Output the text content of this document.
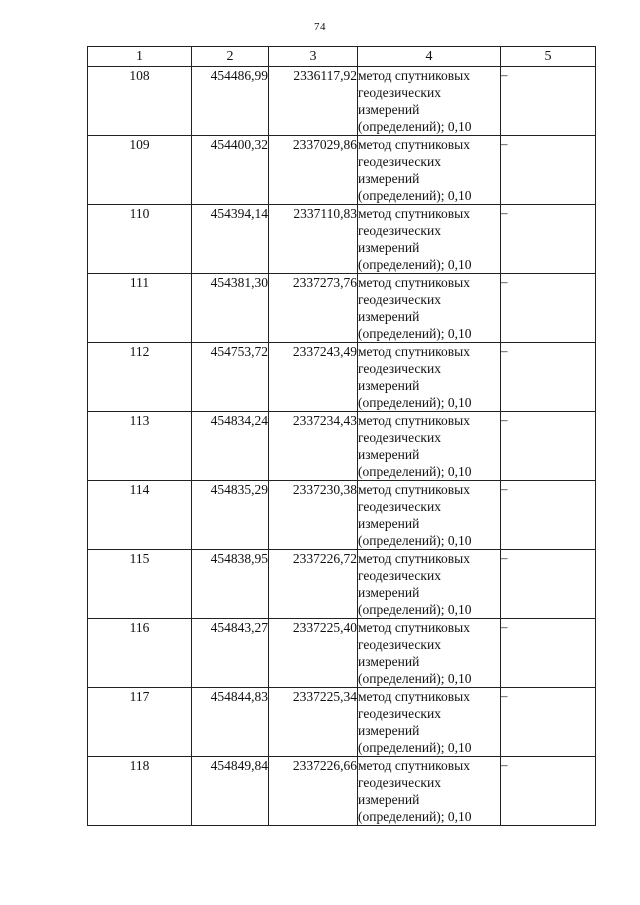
74
1	2	3	4	5
108	454486,99	2336117,92	метод спутниковых
геодезических
измерений
(определений); 0,10	–
109	454400,32	2337029,86	метод спутниковых
геодезических
измерений
(определений); 0,10	–
110	454394,14	2337110,83	метод спутниковых
геодезических
измерений
(определений); 0,10	–
111	454381,30	2337273,76	метод спутниковых
геодезических
измерений
(определений); 0,10	–
112	454753,72	2337243,49	метод спутниковых
геодезических
измерений
(определений); 0,10	–
113	454834,24	2337234,43	метод спутниковых
геодезических
измерений
(определений); 0,10	–
114	454835,29	2337230,38	метод спутниковых
геодезических
измерений
(определений); 0,10	–
115	454838,95	2337226,72	метод спутниковых
геодезических
измерений
(определений); 0,10	–
116	454843,27	2337225,40	метод спутниковых
геодезических
измерений
(определений); 0,10	–
117	454844,83	2337225,34	метод спутниковых
геодезических
измерений
(определений); 0,10	–
118	454849,84	2337226,66	метод спутниковых
геодезических
измерений
(определений); 0,10	–
